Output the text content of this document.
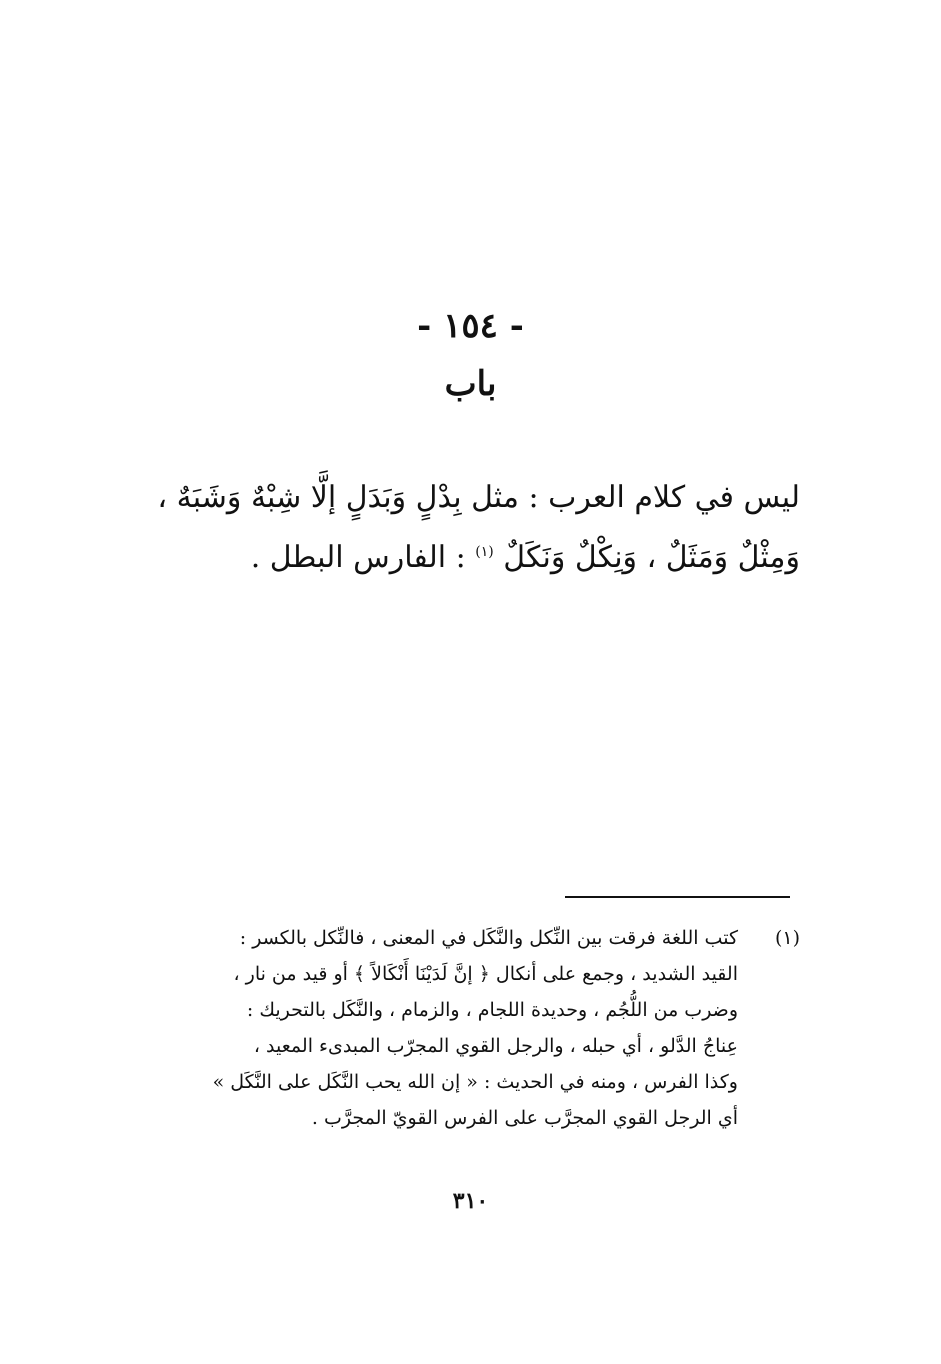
- ١٥٤ -
باب

ليس في كلام العرب : مثل بِدْلٍ وَبَدَلٍ إلَّا شِبْهٌ وَشَبَهٌ ،

وَمِثْلٌ وَمَثَلٌ ، وَنِكْلٌ وَنَكَلٌ $^{(١)}$ : الفارس البطل .

(١)
كتب اللغة فرقت بين النِّكل والنَّكَل في المعنى ، فالنِّكل بالكسر :
القيد الشديد ، وجمع على أنكال ﴿ إنَّ لَدَيْنَا أَنْكَالاً ﴾ أو قيد من نار ،
وضرب من اللُّجُم ، وحديدة اللجام ، والزمام ، والنَّكَل بالتحريك :
عِناجُ الدَّلو ، أي حبله ، والرجل القوي المجرّب المبدىء المعيد ،
وكذا الفرس ، ومنه في الحديث : « إن الله يحب النَّكَل على النَّكَل »
أي الرجل القوي المجرَّب على الفرس القويّ المجرَّب .
٣١٠
